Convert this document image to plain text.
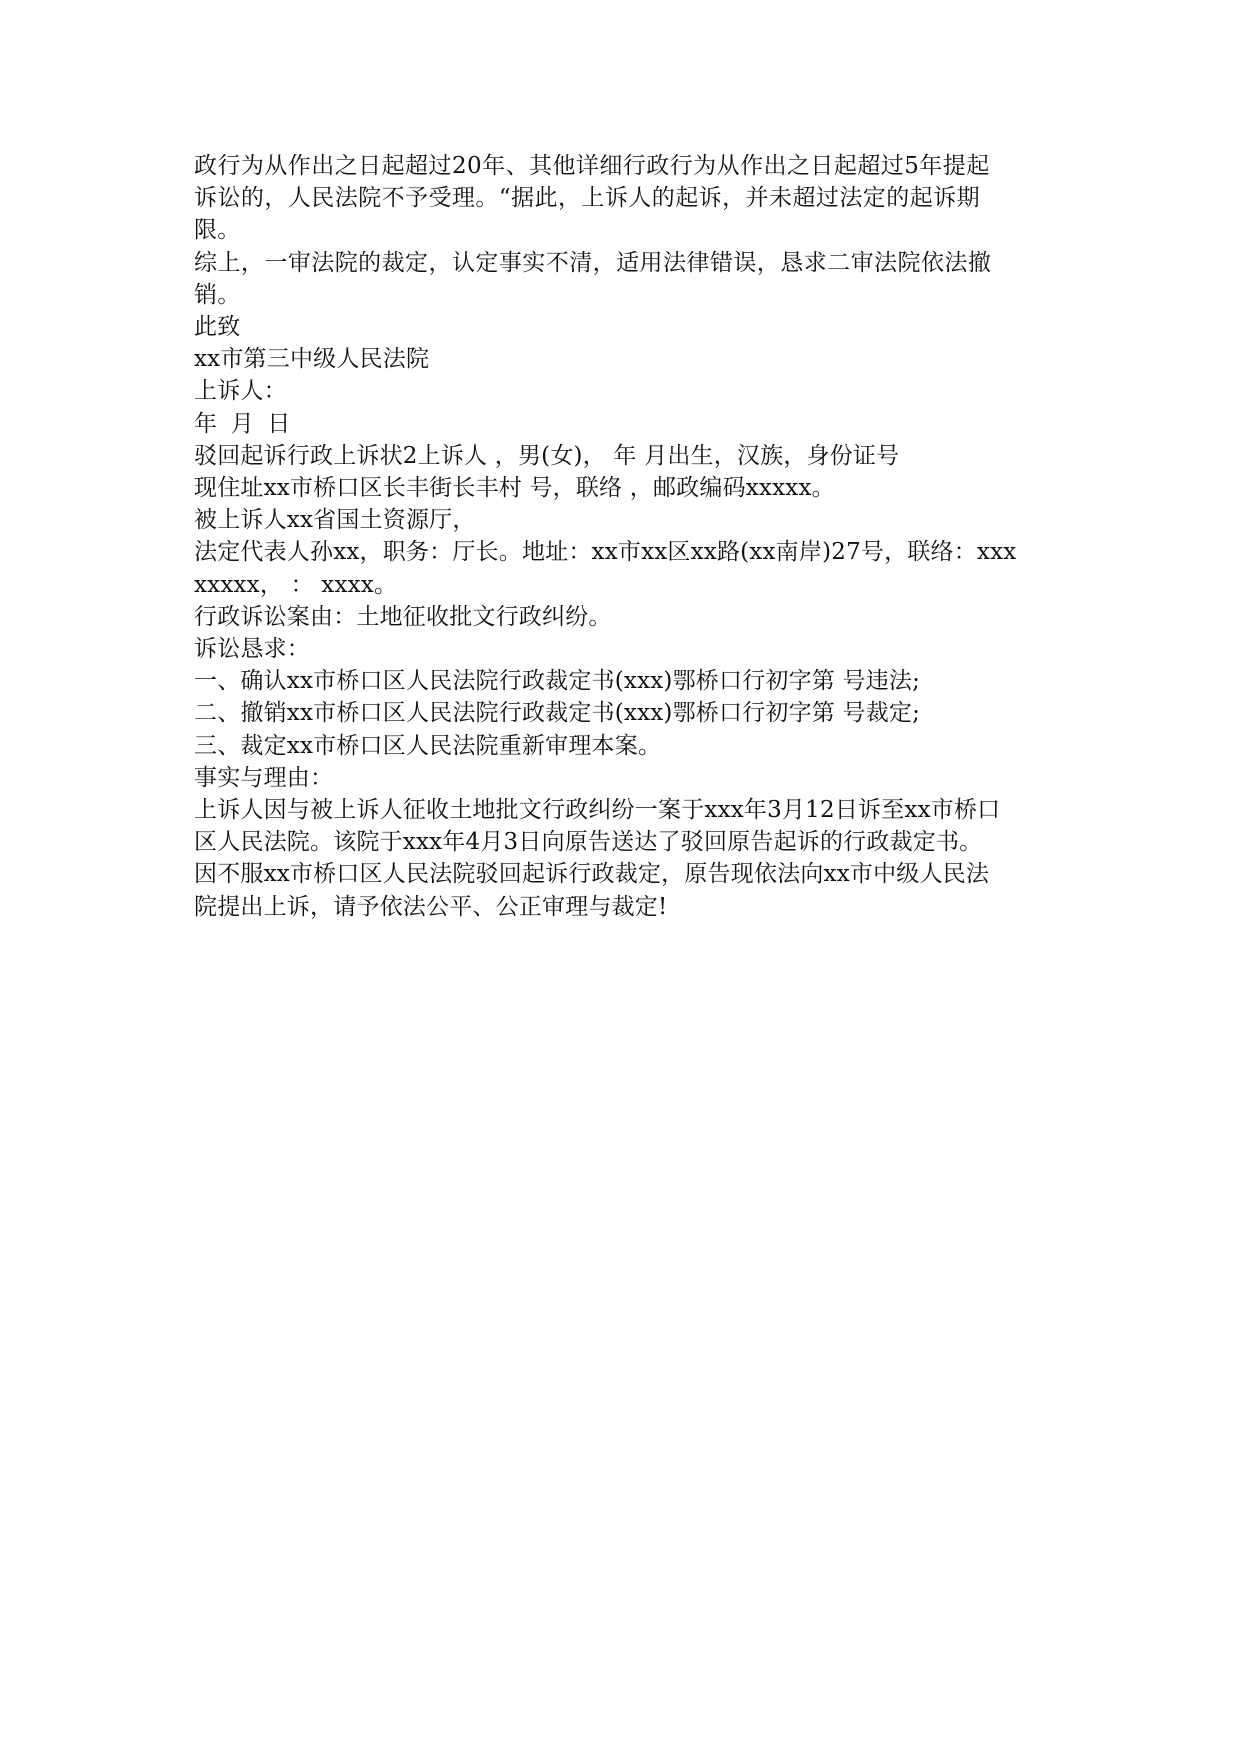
政行为从作出之日起超过20年、其他详细行政行为从作出之日起超过5年提起
诉讼的，人民法院不予受理。“据此，上诉人的起诉，并未超过法定的起诉期
限。
综上，一审法院的裁定，认定事实不清，适用法律错误，恳求二审法院依法撤
销。
此致
xx市第三中级人民法院
上诉人：
年 月 日
驳回起诉行政上诉状2上诉人 ，男(女)， 年 月出生，汉族，身份证号
现住址xx市桥口区长丰街长丰村 号，联络 ，邮政编码xxxxx。
被上诉人xx省国土资源厅，
法定代表人孙xx，职务：厅长。地址：xx市xx区xx路(xx南岸)27号，联络：xxx
xxxxx， ： xxxx。
行政诉讼案由：土地征收批文行政纠纷。
诉讼恳求：
一、确认xx市桥口区人民法院行政裁定书(xxx)鄂桥口行初字第 号违法;
二、撤销xx市桥口区人民法院行政裁定书(xxx)鄂桥口行初字第 号裁定;
三、裁定xx市桥口区人民法院重新审理本案。
事实与理由：
上诉人因与被上诉人征收土地批文行政纠纷一案于xxx年3月12日诉至xx市桥口
区人民法院。该院于xxx年4月3日向原告送达了驳回原告起诉的行政裁定书。
因不服xx市桥口区人民法院驳回起诉行政裁定，原告现依法向xx市中级人民法
院提出上诉，请予依法公平、公正审理与裁定!
